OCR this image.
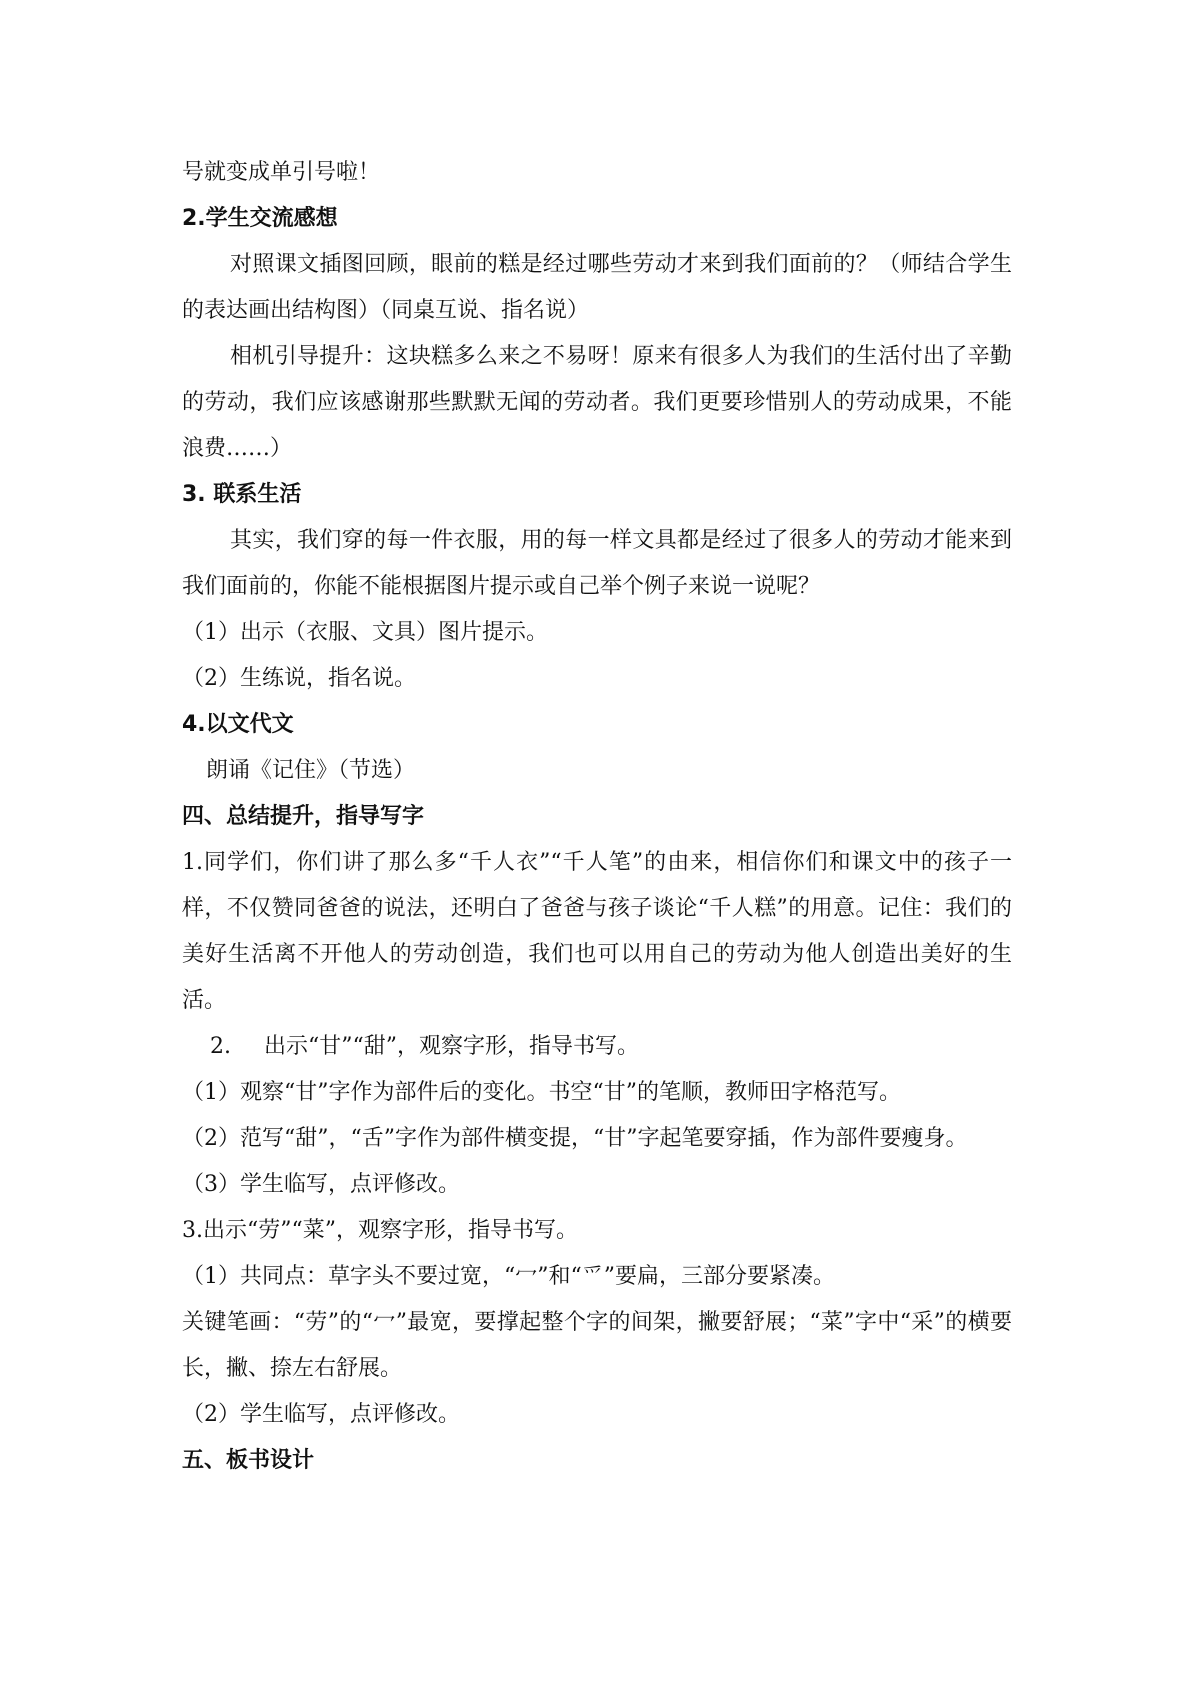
号就变成单引号啦！

2.学生交流感想

对照课文插图回顾，眼前的糕是经过哪些劳动才来到我们面前的？（师结合学生的表达画出结构图）（同桌互说、指名说）

相机引导提升：这块糕多么来之不易呀！原来有很多人为我们的生活付出了辛勤的劳动，我们应该感谢那些默默无闻的劳动者。我们更要珍惜别人的劳动成果，不能浪费……）

3. 联系生活

其实，我们穿的每一件衣服，用的每一样文具都是经过了很多人的劳动才能来到我们面前的，你能不能根据图片提示或自己举个例子来说一说呢？

（1）出示（衣服、文具）图片提示。

（2）生练说，指名说。

4.以文代文

朗诵《记住》（节选）

四、总结提升，指导写字

1.同学们，你们讲了那么多“千人衣”“千人笔”的由来，相信你们和课文中的孩子一样，不仅赞同爸爸的说法，还明白了爸爸与孩子谈论“千人糕”的用意。记住：我们的美好生活离不开他人的劳动创造，我们也可以用自己的劳动为他人创造出美好的生活。

2. 出示“甘”“甜”，观察字形，指导书写。

（1）观察“甘”字作为部件后的变化。书空“甘”的笔顺，教师田字格范写。

（2）范写“甜”，“舌”字作为部件横变提，“甘”字起笔要穿插，作为部件要瘦身。

（3）学生临写，点评修改。

3.出示“劳”“菜”，观察字形，指导书写。

（1）共同点：草字头不要过宽，“冖”和“爫”要扁，三部分要紧凑。

关键笔画：“劳”的“冖”最宽，要撑起整个字的间架，撇要舒展；“菜”字中“采”的横要长，撇、捺左右舒展。

（2）学生临写，点评修改。

五、板书设计
